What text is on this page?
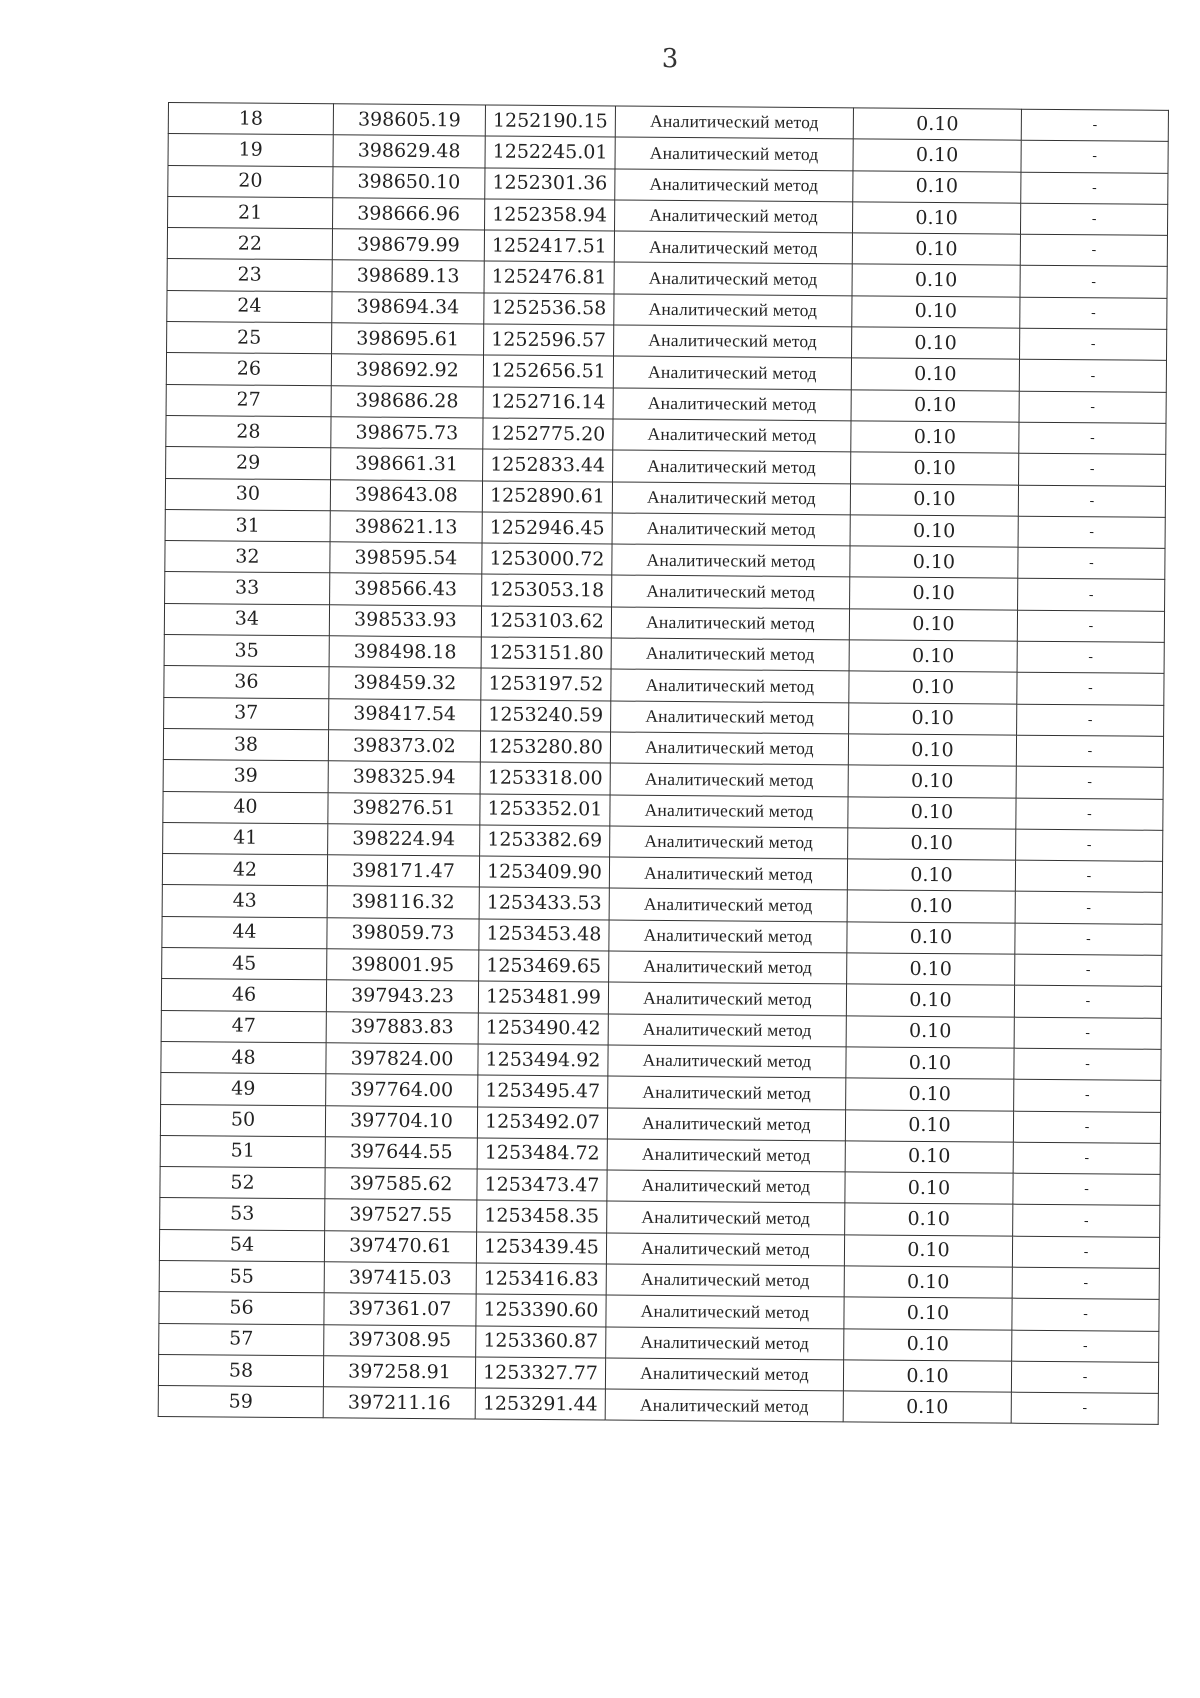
3
18	398605.19	1252190.15	Аналитический метод	0.10	-
19	398629.48	1252245.01	Аналитический метод	0.10	-
20	398650.10	1252301.36	Аналитический метод	0.10	-
21	398666.96	1252358.94	Аналитический метод	0.10	-
22	398679.99	1252417.51	Аналитический метод	0.10	-
23	398689.13	1252476.81	Аналитический метод	0.10	-
24	398694.34	1252536.58	Аналитический метод	0.10	-
25	398695.61	1252596.57	Аналитический метод	0.10	-
26	398692.92	1252656.51	Аналитический метод	0.10	-
27	398686.28	1252716.14	Аналитический метод	0.10	-
28	398675.73	1252775.20	Аналитический метод	0.10	-
29	398661.31	1252833.44	Аналитический метод	0.10	-
30	398643.08	1252890.61	Аналитический метод	0.10	-
31	398621.13	1252946.45	Аналитический метод	0.10	-
32	398595.54	1253000.72	Аналитический метод	0.10	-
33	398566.43	1253053.18	Аналитический метод	0.10	-
34	398533.93	1253103.62	Аналитический метод	0.10	-
35	398498.18	1253151.80	Аналитический метод	0.10	-
36	398459.32	1253197.52	Аналитический метод	0.10	-
37	398417.54	1253240.59	Аналитический метод	0.10	-
38	398373.02	1253280.80	Аналитический метод	0.10	-
39	398325.94	1253318.00	Аналитический метод	0.10	-
40	398276.51	1253352.01	Аналитический метод	0.10	-
41	398224.94	1253382.69	Аналитический метод	0.10	-
42	398171.47	1253409.90	Аналитический метод	0.10	-
43	398116.32	1253433.53	Аналитический метод	0.10	-
44	398059.73	1253453.48	Аналитический метод	0.10	-
45	398001.95	1253469.65	Аналитический метод	0.10	-
46	397943.23	1253481.99	Аналитический метод	0.10	-
47	397883.83	1253490.42	Аналитический метод	0.10	-
48	397824.00	1253494.92	Аналитический метод	0.10	-
49	397764.00	1253495.47	Аналитический метод	0.10	-
50	397704.10	1253492.07	Аналитический метод	0.10	-
51	397644.55	1253484.72	Аналитический метод	0.10	-
52	397585.62	1253473.47	Аналитический метод	0.10	-
53	397527.55	1253458.35	Аналитический метод	0.10	-
54	397470.61	1253439.45	Аналитический метод	0.10	-
55	397415.03	1253416.83	Аналитический метод	0.10	-
56	397361.07	1253390.60	Аналитический метод	0.10	-
57	397308.95	1253360.87	Аналитический метод	0.10	-
58	397258.91	1253327.77	Аналитический метод	0.10	-
59	397211.16	1253291.44	Аналитический метод	0.10	-
